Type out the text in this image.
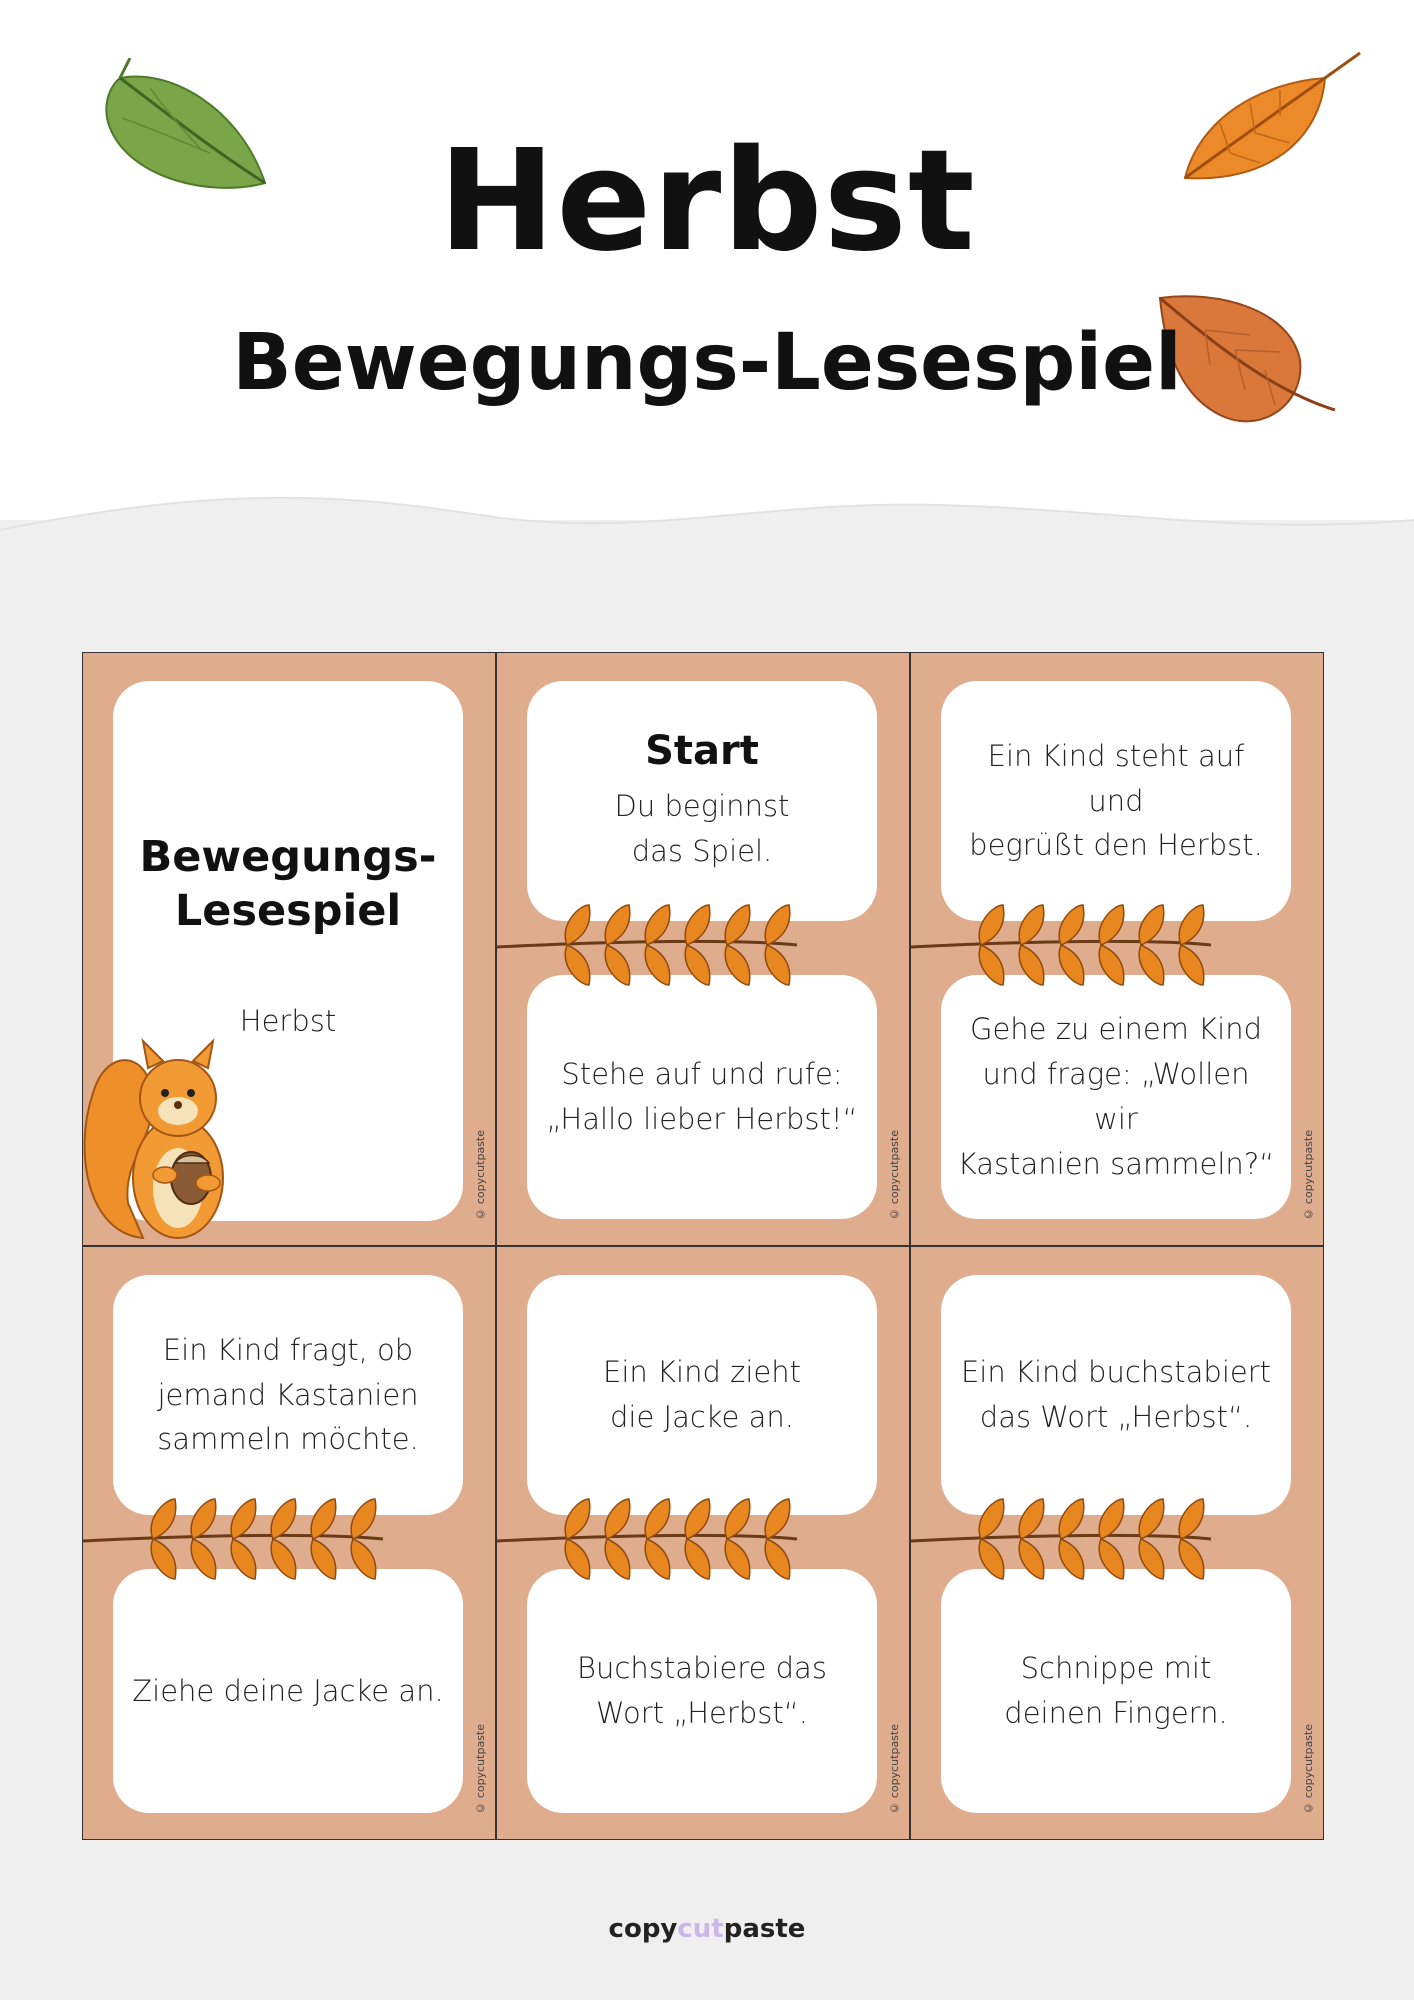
Herbst
Bewegungs-Lesespiel
Bewegungs-
Lesespiel
Herbst
© copycutpaste
Start
Du beginnst
das Spiel.
Stehe auf und rufe:
„Hallo lieber Herbst!“
© copycutpaste
Ein Kind steht auf und
begrüßt den Herbst.
Gehe zu einem Kind
und frage: „Wollen wir
Kastanien sammeln?“	© copycutpaste
Ein Kind fragt, ob
jemand Kastanien
sammeln möchte.
Ziehe deine Jacke an.
© copycutpaste
Ein Kind zieht
die Jacke an.
Buchstabiere das
Wort „Herbst“.
© copycutpaste
Ein Kind buchstabiert
das Wort „Herbst“.
Schnippe mit
deinen Fingern.
© copycutpaste
copycutpaste
